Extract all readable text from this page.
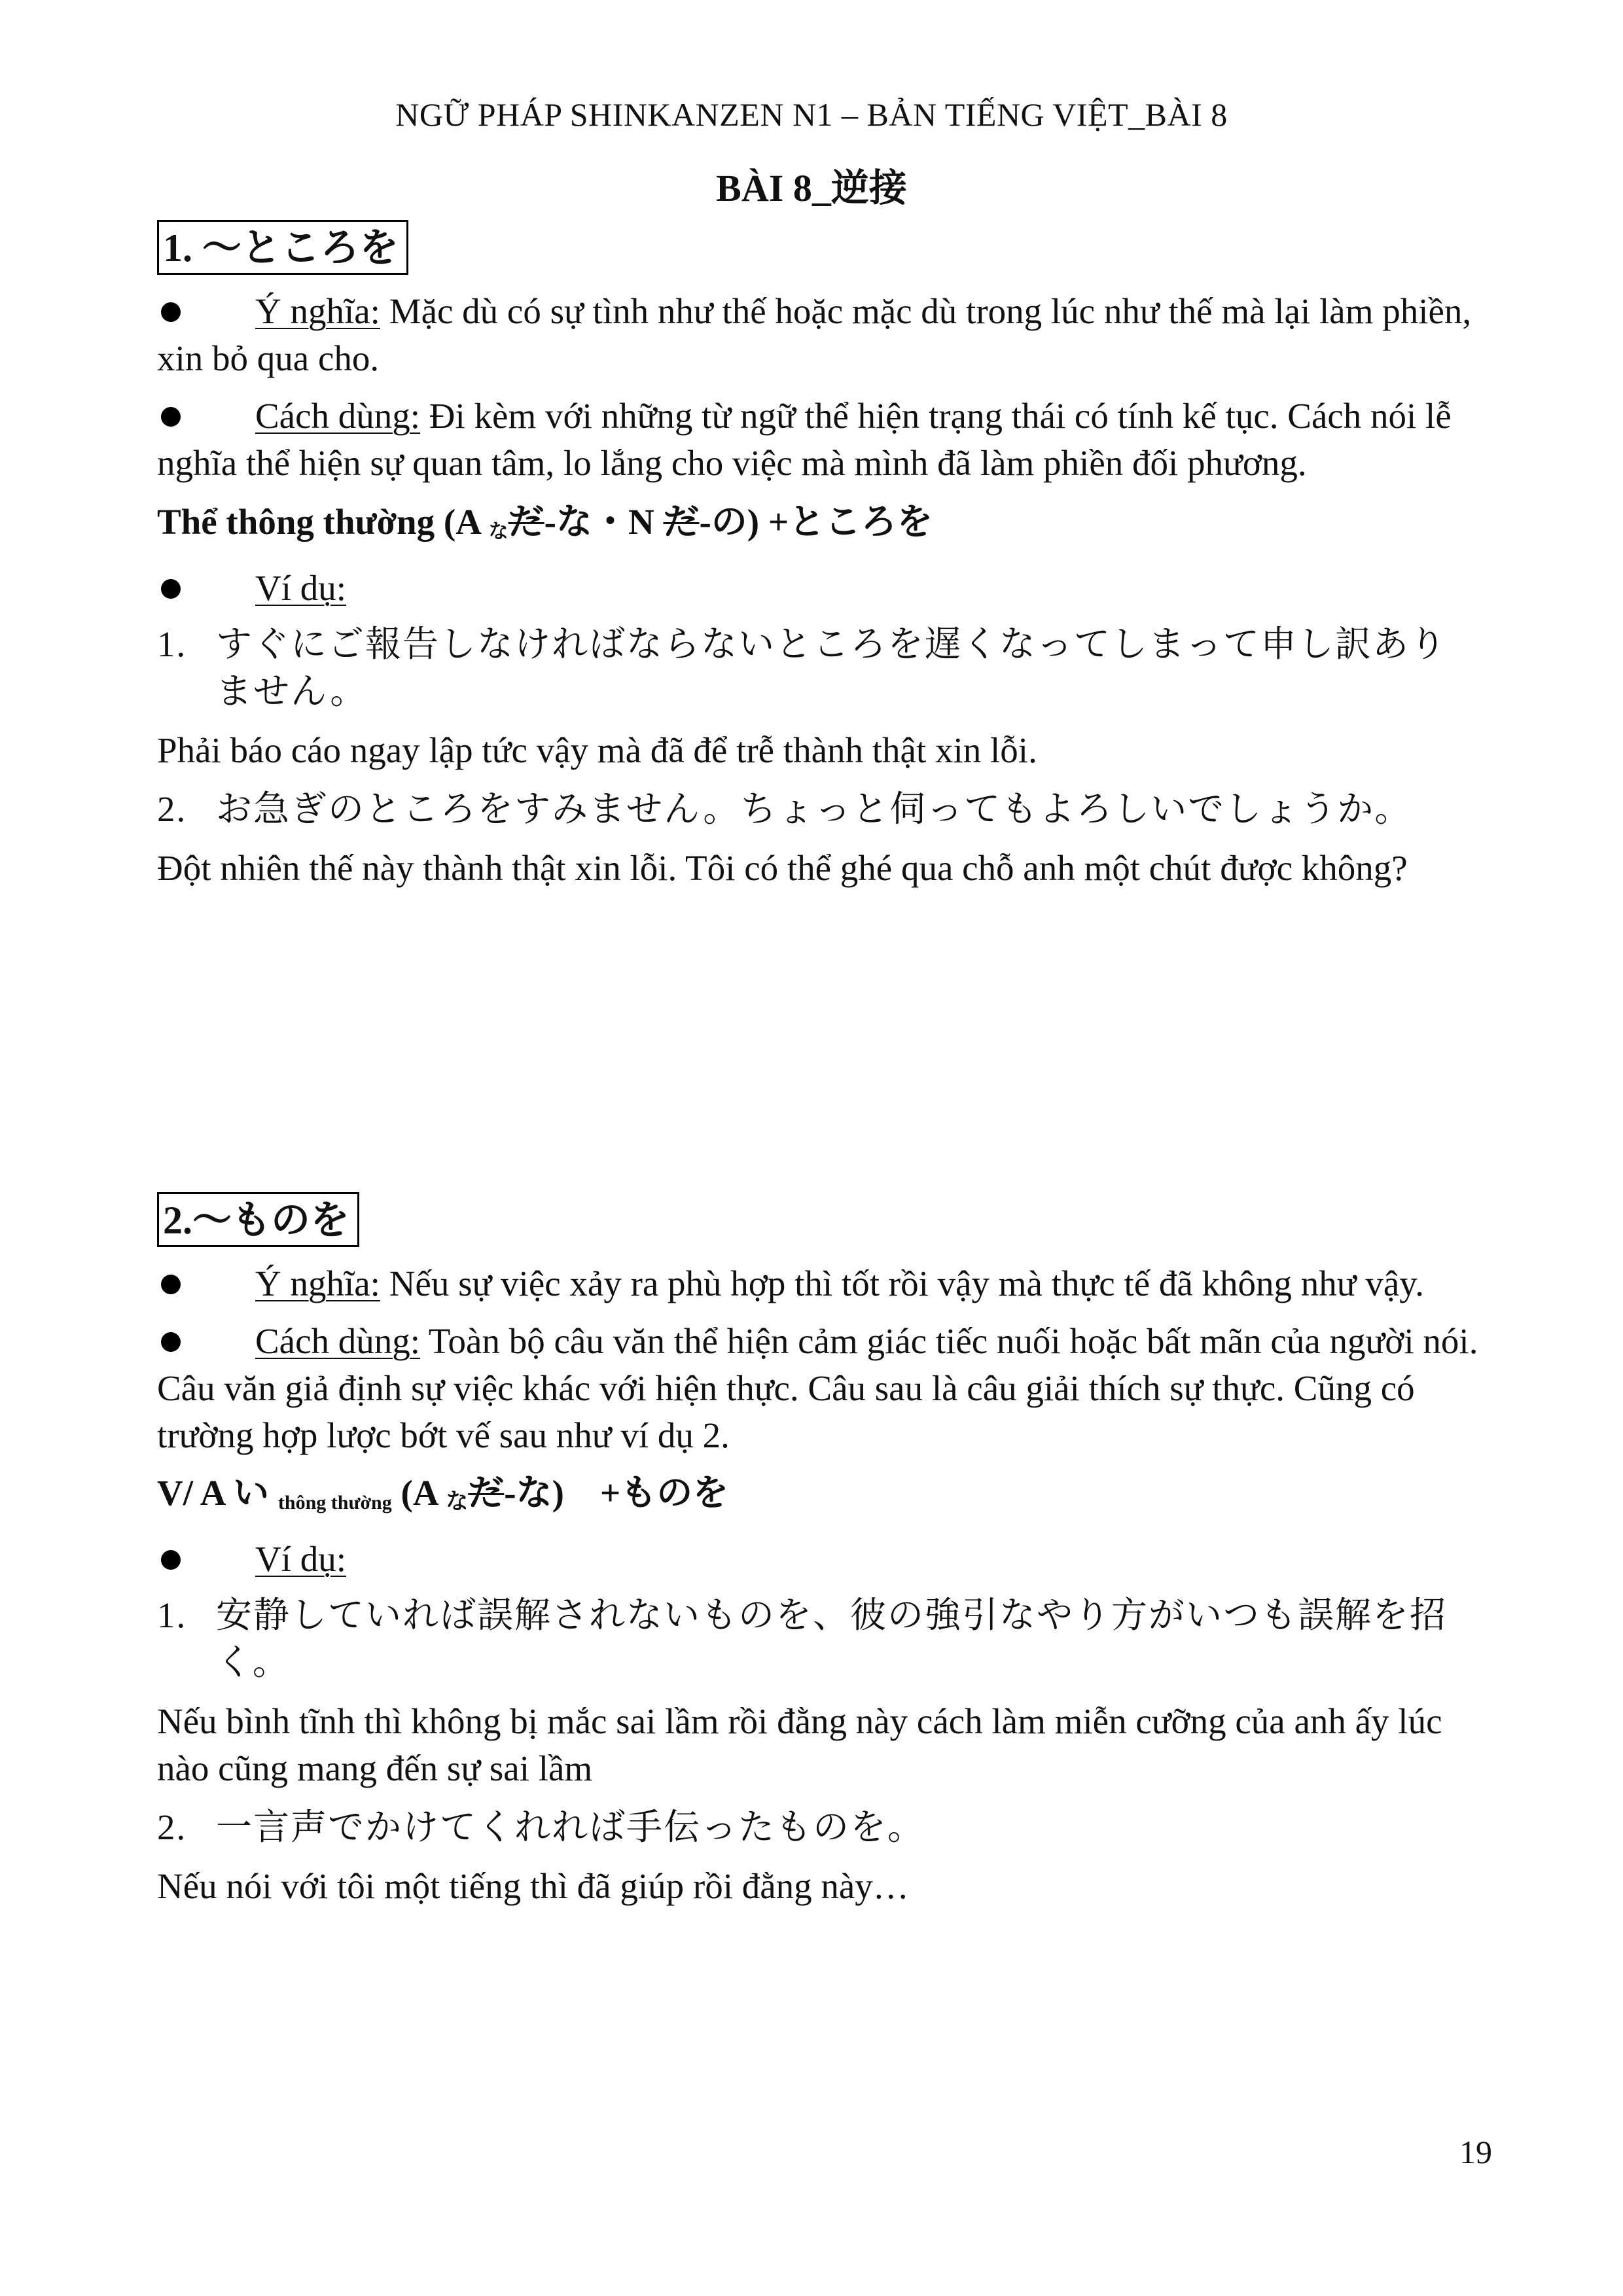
NGỮ PHÁP SHINKANZEN N1 – BẢN TIẾNG VIỆT_BÀI 8
BÀI 8_逆接
1. 〜ところを

Ý nghĩa: Mặc dù có sự tình như thế hoặc mặc dù trong lúc như thế mà lại làm phiền, xin bỏ qua cho.

Cách dùng: Đi kèm với những từ ngữ thể hiện trạng thái có tính kế tục. Cách nói lễ nghĩa thể hiện sự quan tâm, lo lắng cho việc mà mình đã làm phiền đối phương.

Thể thông thường (A $_な$だ-な・N だ-の) +ところを

Ví dụ:

1. すぐにご報告しなければならないところを遅くなってしまって申し訳ありません。

Phải báo cáo ngay lập tức vậy mà đã để trễ thành thật xin lỗi.

2. お急ぎのところをすみません。ちょっと伺ってもよろしいでしょうか。

Đột nhiên thế này thành thật xin lỗi. Tôi có thể ghé qua chỗ anh một chút được không?

2.〜ものを

Ý nghĩa: Nếu sự việc xảy ra phù hợp thì tốt rồi vậy mà thực tế đã không như vậy.

Cách dùng: Toàn bộ câu văn thể hiện cảm giác tiếc nuối hoặc bất mãn của người nói. Câu văn giả định sự việc khác với hiện thực. Câu sau là câu giải thích sự thực. Cũng có trường hợp lược bớt vế sau như ví dụ 2.

V/ A い $_{thông thường}$ (A なだ-な)　+ものを

Ví dụ:

1. 安静していれば誤解されないものを、彼の強引なやり方がいつも誤解を招く。

Nếu bình tĩnh thì không bị mắc sai lầm rồi đằng này cách làm miễn cưỡng của anh ấy lúc nào cũng mang đến sự sai lầm

2. 一言声でかけてくれれば手伝ったものを。

Nếu nói với tôi một tiếng thì đã giúp rồi đằng này…

19
